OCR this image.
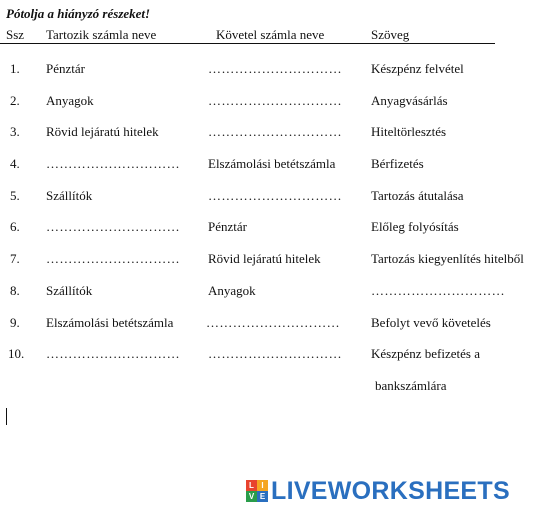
Pótolja a hiányzó részeket!
Ssz Tartozik számla neve	Követel számla neve	Szöveg
1. Pénztár	………………………… Készpénz felvétel
2. Anyagok	………………………… Anyagvásárlás
3. Rövid lejáratú hitelek	………………………… Hiteltörlesztés
4. ………………………… Elszámolási betétszámla	Bérfizetés
5. Szállítók	………………………… Tartozás átutalása
6. ………………………… Pénztár	Előleg folyósítás
7. ………………………… Rövid lejáratú hitelek	Tartozás kiegyenlítés hitelből
8. Szállítók	Anyagok	…………………………
9. Elszámolási betétszámla	………………………… Befolyt vevő követelés
10. ………………………… ………………………… Készpénz befizetés a
bankszámlára
L I
V E LIVEWORKSHEETS
